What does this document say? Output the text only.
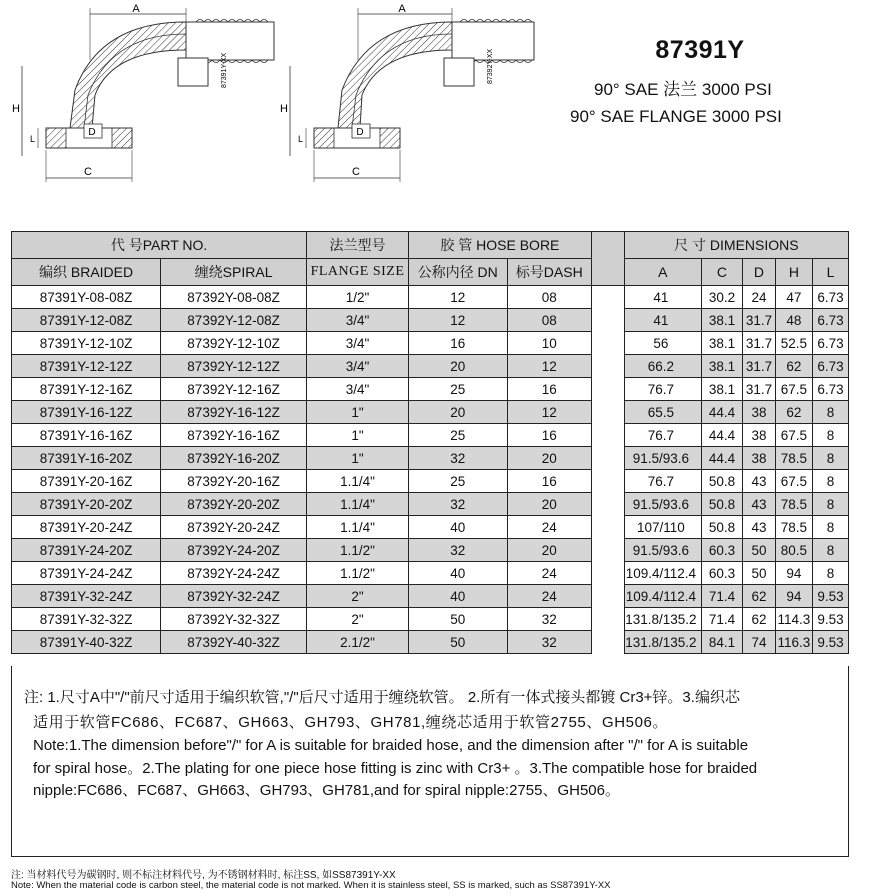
A
87391Y-XX
D
H
L
C
A
87392Y-XX
D
H
L
C
87391Y
90° SAE 法兰 3000 PSI
90° SAE FLANGE 3000 PSI
代 号PART NO.		法兰型号	胶 管 HOSE BORE			尺 寸 DIMENSIONS				
编织 BRAIDED	缠绕SPIRAL	FLANGE SIZE	公称内径 DN	标号DASH		A	C	D	H	L
87391Y-08-08Z	87392Y-08-08Z	1/2"	12	08		41	30.2	24	47	6.73
87391Y-12-08Z	87392Y-12-08Z	3/4"	12	08		41	38.1	31.7	48	6.73
87391Y-12-10Z	87392Y-12-10Z	3/4"	16	10		56	38.1	31.7	52.5	6.73
87391Y-12-12Z	87392Y-12-12Z	3/4"	20	12		66.2	38.1	31.7	62	6.73
87391Y-12-16Z	87392Y-12-16Z	3/4"	25	16		76.7	38.1	31.7	67.5	6.73
87391Y-16-12Z	87392Y-16-12Z	1"	20	12		65.5	44.4	38	62	8
87391Y-16-16Z	87392Y-16-16Z	1"	25	16		76.7	44.4	38	67.5	8
87391Y-16-20Z	87392Y-16-20Z	1"	32	20		91.5/93.6	44.4	38	78.5	8
87391Y-20-16Z	87392Y-20-16Z	1.1/4"	25	16		76.7	50.8	43	67.5	8
87391Y-20-20Z	87392Y-20-20Z	1.1/4"	32	20		91.5/93.6	50.8	43	78.5	8
87391Y-20-24Z	87392Y-20-24Z	1.1/4"	40	24		107/110	50.8	43	78.5	8
87391Y-24-20Z	87392Y-24-20Z	1.1/2"	32	20		91.5/93.6	60.3	50	80.5	8
87391Y-24-24Z	87392Y-24-24Z	1.1/2"	40	24		109.4/112.4	60.3	50	94	8
87391Y-32-24Z	87392Y-32-24Z	2"	40	24		109.4/112.4	71.4	62	94	9.53
87391Y-32-32Z	87392Y-32-32Z	2"	50	32		131.8/135.2	71.4	62	114.3	9.53
87391Y-40-32Z	87392Y-40-32Z	2.1/2"	50	32		131.8/135.2	84.1	74	116.3	9.53
注: 1.尺寸A中"/"前尺寸适用于编织软管,"/"后尺寸适用于缠绕软管。 2.所有一体式接头都镀 Cr3+锌。3.编织芯
适用于软管FC686、FC687、GH663、GH793、GH781,缠绕芯适用于软管2755、GH506。
Note:1.The dimension before"/" for A is suitable for braided hose, and the dimension after "/" for A is suitable
for spiral hose。2.The plating for one piece hose fitting is zinc with Cr3+ 。3.The compatible hose for braided
nipple:FC686、FC687、GH663、GH793、GH781,and for spiral nipple:2755、GH506。
注: 当材料代号为碳钢时, 则不标注材料代号, 为不锈钢材料时, 标注SS, 如SS87391Y-XX
Note: When the material code is carbon steel, the material code is not marked. When it is stainless steel, SS is marked, such as SS87391Y-XX
